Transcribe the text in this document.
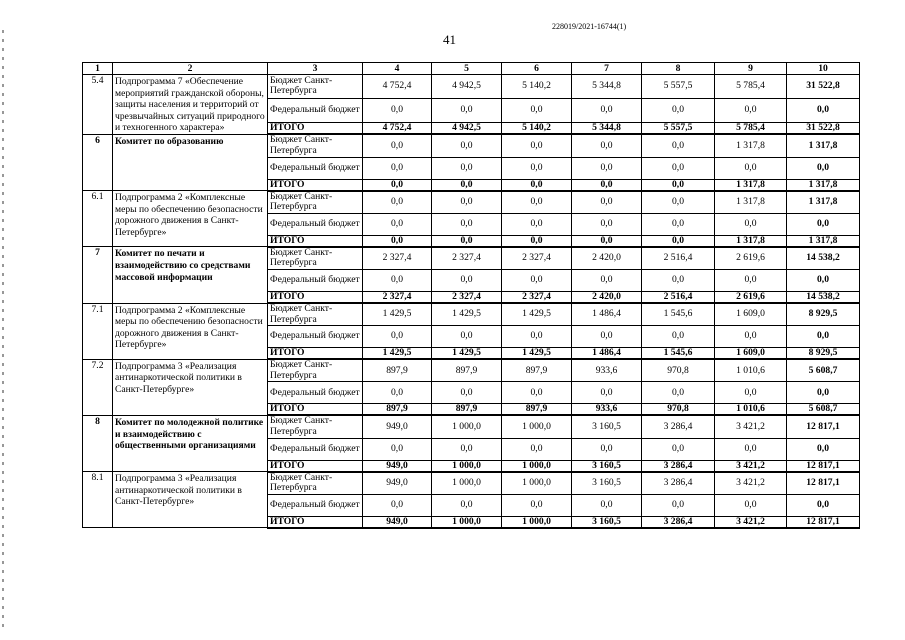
228019/2021-16744(1)
41
1	2	3	4	5	6	7	8	9	10
5.4	Подпрограмма 7 «Обеспечение мероприятий гражданской обороны, защиты населения и территорий от чрезвычайных ситуаций природного и техногенного характера»	Бюджет Санкт-Петербурга	4 752,4	4 942,5	5 140,2	5 344,8	5 557,5	5 785,4	31 522,8
		Федеральный бюджет	0,0	0,0	0,0	0,0	0,0	0,0	0,0
		ИТОГО	4 752,4	4 942,5	5 140,2	5 344,8	5 557,5	5 785,4	31 522,8
6	Комитет по образованию	Бюджет Санкт-Петербурга	0,0	0,0	0,0	0,0	0,0	1 317,8	1 317,8
		Федеральный бюджет	0,0	0,0	0,0	0,0	0,0	0,0	0,0
		ИТОГО	0,0	0,0	0,0	0,0	0,0	1 317,8	1 317,8
6.1	Подпрограмма 2 «Комплексные меры по обеспечению безопасности дорожного движения в Санкт-Петербурге»	Бюджет Санкт-Петербурга	0,0	0,0	0,0	0,0	0,0	1 317,8	1 317,8
		Федеральный бюджет	0,0	0,0	0,0	0,0	0,0	0,0	0,0
		ИТОГО	0,0	0,0	0,0	0,0	0,0	1 317,8	1 317,8
7	Комитет по печати и взаимодействию со средствами массовой информации	Бюджет Санкт-Петербурга	2 327,4	2 327,4	2 327,4	2 420,0	2 516,4	2 619,6	14 538,2
		Федеральный бюджет	0,0	0,0	0,0	0,0	0,0	0,0	0,0
		ИТОГО	2 327,4	2 327,4	2 327,4	2 420,0	2 516,4	2 619,6	14 538,2
7.1	Подпрограмма 2 «Комплексные меры по обеспечению безопасности дорожного движения в Санкт-Петербурге»	Бюджет Санкт-Петербурга	1 429,5	1 429,5	1 429,5	1 486,4	1 545,6	1 609,0	8 929,5
		Федеральный бюджет	0,0	0,0	0,0	0,0	0,0	0,0	0,0
		ИТОГО	1 429,5	1 429,5	1 429,5	1 486,4	1 545,6	1 609,0	8 929,5
7.2	Подпрограмма 3 «Реализация антинаркотической политики в Санкт-Петербурге»	Бюджет Санкт-Петербурга	897,9	897,9	897,9	933,6	970,8	1 010,6	5 608,7
		Федеральный бюджет	0,0	0,0	0,0	0,0	0,0	0,0	0,0
		ИТОГО	897,9	897,9	897,9	933,6	970,8	1 010,6	5 608,7
8	Комитет по молодежной политике и взаимодействию с общественными организациями	Бюджет Санкт-Петербурга	949,0	1 000,0	1 000,0	3 160,5	3 286,4	3 421,2	12 817,1
		Федеральный бюджет	0,0	0,0	0,0	0,0	0,0	0,0	0,0
		ИТОГО	949,0	1 000,0	1 000,0	3 160,5	3 286,4	3 421,2	12 817,1
8.1	Подпрограмма 3 «Реализация антинаркотической политики в Санкт-Петербурге»	Бюджет Санкт-Петербурга	949,0	1 000,0	1 000,0	3 160,5	3 286,4	3 421,2	12 817,1
		Федеральный бюджет	0,0	0,0	0,0	0,0	0,0	0,0	0,0
		ИТОГО	949,0	1 000,0	1 000,0	3 160,5	3 286,4	3 421,2	12 817,1
